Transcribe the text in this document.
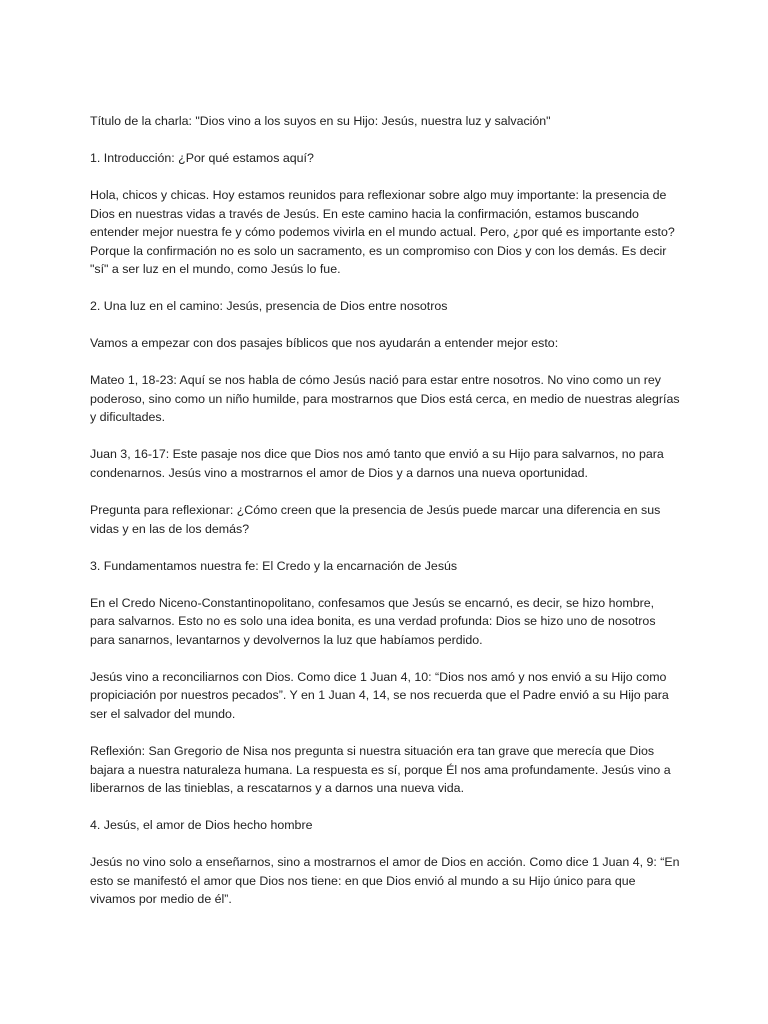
Título de la charla: "Dios vino a los suyos en su Hijo: Jesús, nuestra luz y salvación"

1. Introducción: ¿Por qué estamos aquí?

Hola, chicos y chicas. Hoy estamos reunidos para reflexionar sobre algo muy importante: la presencia de Dios en nuestras vidas a través de Jesús. En este camino hacia la confirmación, estamos buscando entender mejor nuestra fe y cómo podemos vivirla en el mundo actual. Pero, ¿por qué es importante esto? Porque la confirmación no es solo un sacramento, es un compromiso con Dios y con los demás. Es decir "sí" a ser luz en el mundo, como Jesús lo fue.

2. Una luz en el camino: Jesús, presencia de Dios entre nosotros

Vamos a empezar con dos pasajes bíblicos que nos ayudarán a entender mejor esto:

Mateo 1, 18-23: Aquí se nos habla de cómo Jesús nació para estar entre nosotros. No vino como un rey poderoso, sino como un niño humilde, para mostrarnos que Dios está cerca, en medio de nuestras alegrías y dificultades.

Juan 3, 16-17: Este pasaje nos dice que Dios nos amó tanto que envió a su Hijo para salvarnos, no para condenarnos. Jesús vino a mostrarnos el amor de Dios y a darnos una nueva oportunidad.

Pregunta para reflexionar: ¿Cómo creen que la presencia de Jesús puede marcar una diferencia en sus vidas y en las de los demás?

3. Fundamentamos nuestra fe: El Credo y la encarnación de Jesús

En el Credo Niceno-Constantinopolitano, confesamos que Jesús se encarnó, es decir, se hizo hombre, para salvarnos. Esto no es solo una idea bonita, es una verdad profunda: Dios se hizo uno de nosotros para sanarnos, levantarnos y devolvernos la luz que habíamos perdido.

Jesús vino a reconciliarnos con Dios. Como dice 1 Juan 4, 10: “Dios nos amó y nos envió a su Hijo como propiciación por nuestros pecados”. Y en 1 Juan 4, 14, se nos recuerda que el Padre envió a su Hijo para ser el salvador del mundo.

Reflexión: San Gregorio de Nisa nos pregunta si nuestra situación era tan grave que merecía que Dios bajara a nuestra naturaleza humana. La respuesta es sí, porque Él nos ama profundamente. Jesús vino a liberarnos de las tinieblas, a rescatarnos y a darnos una nueva vida.

4. Jesús, el amor de Dios hecho hombre

Jesús no vino solo a enseñarnos, sino a mostrarnos el amor de Dios en acción. Como dice 1 Juan 4, 9: “En esto se manifestó el amor que Dios nos tiene: en que Dios envió al mundo a su Hijo único para que vivamos por medio de él”.
